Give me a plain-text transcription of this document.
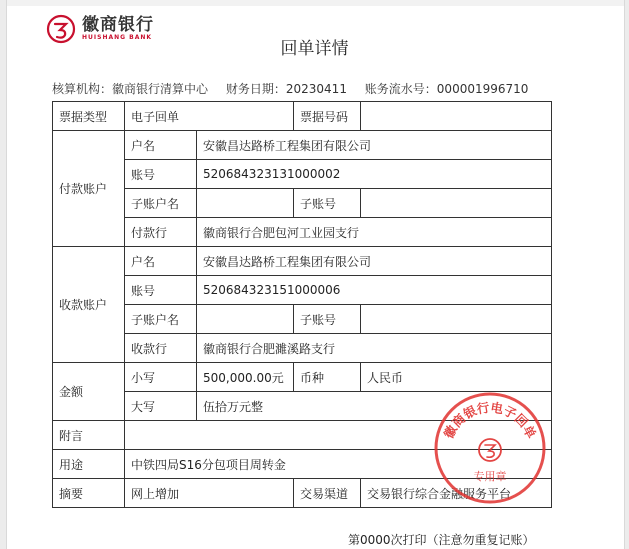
徽商银行
HUISHANG BANK
回单详情
核算机构：徽商银行清算中心 财务日期：20230411 账务流水号：000001996710
票据类型	电子回单		票据号码	
付款账户	户名	安徽昌达路桥工程集团有限公司		
	账号	520684323131000002		
	子账户名		子账号	
	付款行	徽商银行合肥包河工业园支行		
收款账户	户名	安徽昌达路桥工程集团有限公司		
	账号	520684323151000006		
	子账户名		子账号	
	收款行	徽商银行合肥濉溪路支行		
金额	小写	500,000.00元	币种	人民币
	大写	伍拾万元整		
附言				
用途	中铁四局S16分包项目周转金			
摘要	网上增加		交易渠道	交易银行综合金融服务平台
徽商银行电子回单
专用章
第0000次打印（注意勿重复记账）
